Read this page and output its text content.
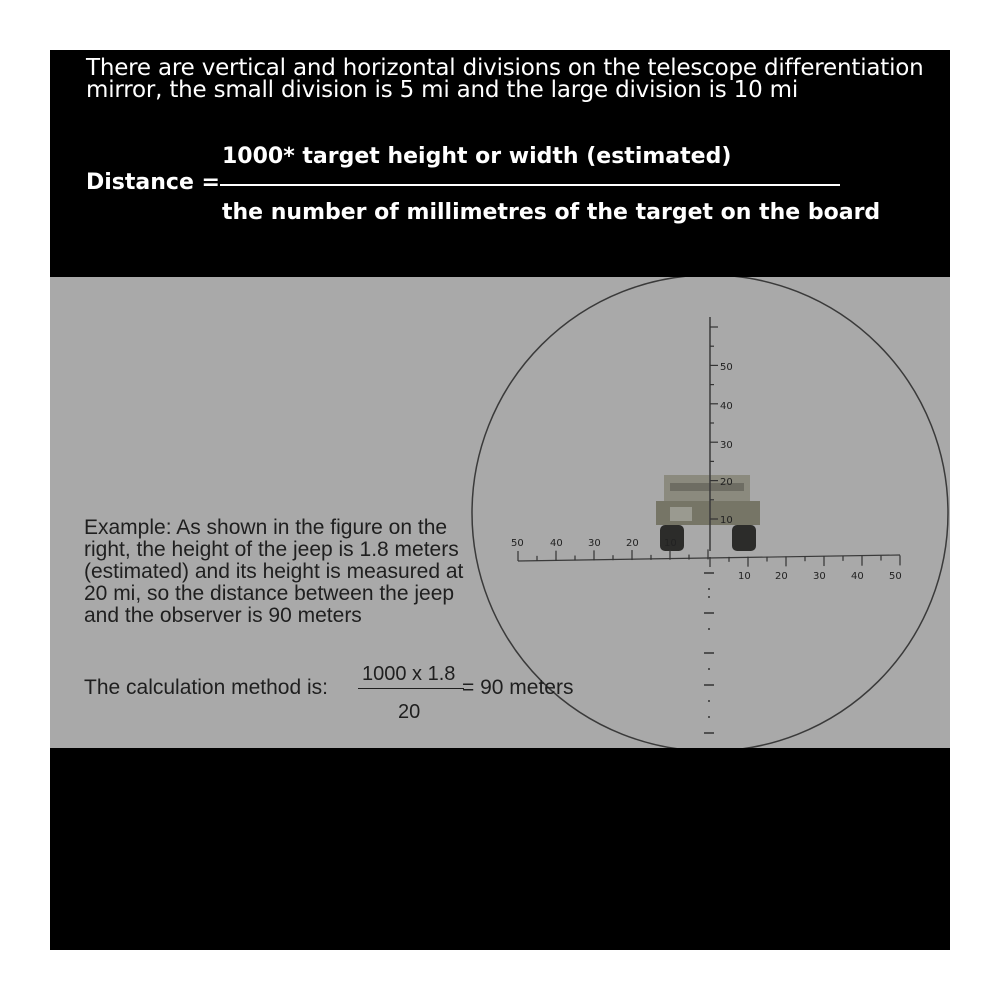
There are vertical and horizontal divisions on the telescope differentiation mirror, the small division is 5 mi and the large division is 10 mi
Distance =
1000* target height or width (estimated)
the number of millimetres of the target on the board
50	40	30	20	10
10 20	30	40	50
50
40
30
20
10
Example: As shown in the figure on the right, the height of the jeep is 1.8 meters (estimated) and its height is measured at 20 mi, so the distance between the jeep and the observer is 90 meters
The calculation method is:
1000 x 1.8
20
= 90 meters
